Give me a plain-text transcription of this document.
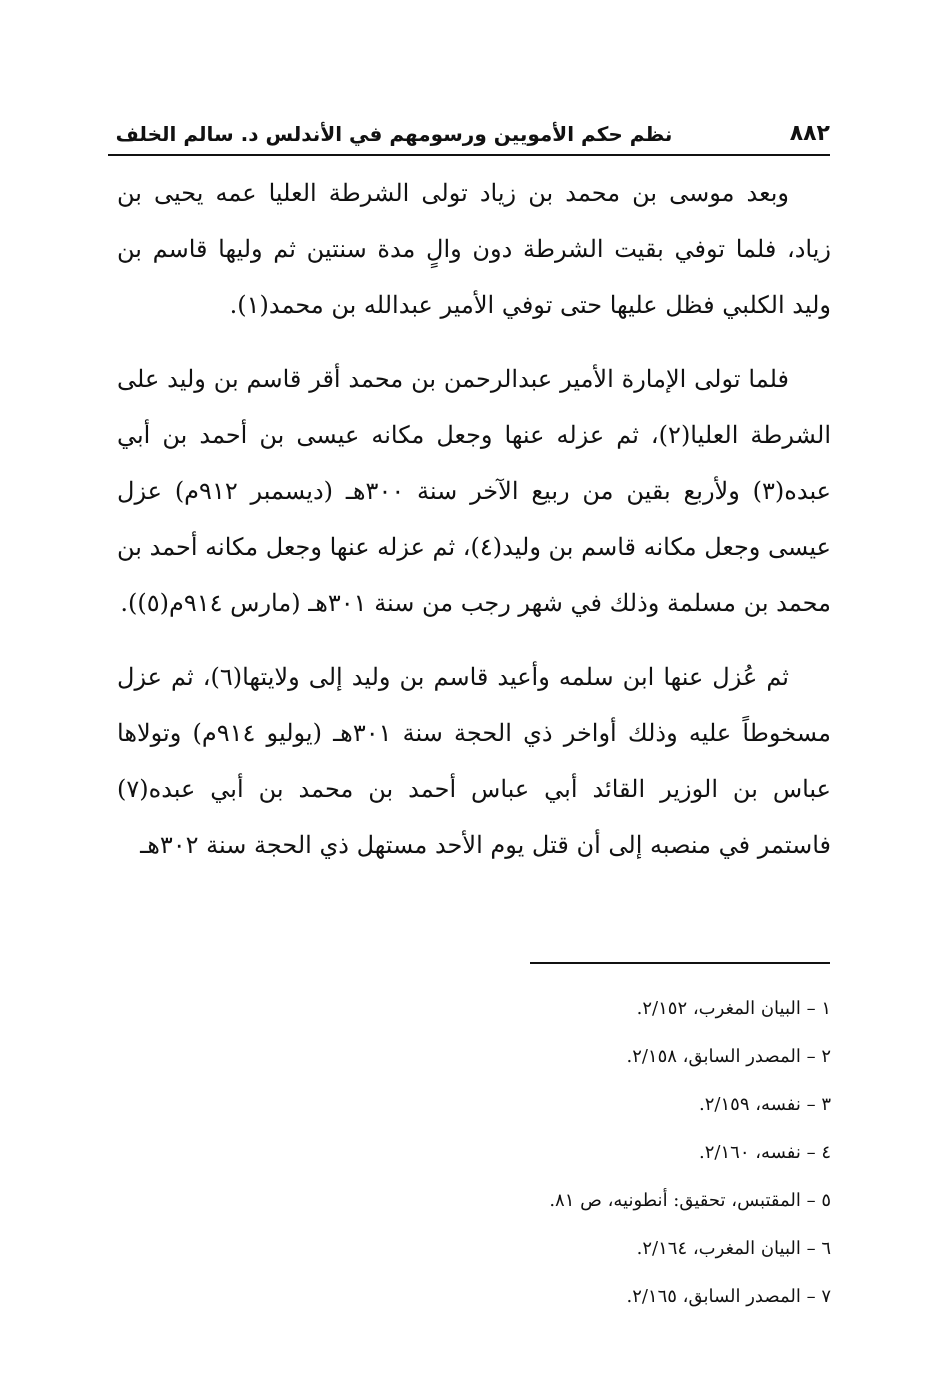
٨٨٢
نظم حكم الأمويين ورسومهم في الأندلس د. سالم الخلف

وبعد موسى بن محمد بن زياد تولى الشرطة العليا عمه يحيى بن زياد، فلما توفي بقيت الشرطة دون والٍ مدة سنتين ثم وليها قاسم بن وليد الكلبي فظل عليها حتى توفي الأمير عبدالله بن محمد(١).

فلما تولى الإمارة الأمير عبدالرحمن بن محمد أقر قاسم بن وليد على الشرطة العليا(٢)، ثم عزله عنها وجعل مكانه عيسى بن أحمد بن أبي عبده(٣) ولأربع بقين من ربيع الآخر سنة ٣٠٠هـ (ديسمبر ٩١٢م) عزل عيسى وجعل مكانه قاسم بن وليد(٤)، ثم عزله عنها وجعل مكانه أحمد بن محمد بن مسلمة وذلك في شهر رجب من سنة ٣٠١هـ (مارس ٩١٤م(٥)).

ثم عُزل عنها ابن سلمه وأعيد قاسم بن وليد إلى ولايتها(٦)، ثم عزل مسخوطاً عليه وذلك أواخر ذي الحجة سنة ٣٠١هـ (يوليو ٩١٤م) وتولاها عباس بن الوزير القائد أبي عباس أحمد بن محمد بن أبي عبده(٧) فاستمر في منصبه إلى أن قتل يوم الأحد مستهل ذي الحجة سنة ٣٠٢هـ

١ – البيان المغرب، ٢/١٥٢.

٢ – المصدر السابق، ٢/١٥٨.

٣ – نفسه، ٢/١٥٩.

٤ – نفسه، ٢/١٦٠.

٥ – المقتبس، تحقيق: أنطونيه، ص ٨١.

٦ – البيان المغرب، ٢/١٦٤.

٧ – المصدر السابق، ٢/١٦٥.
